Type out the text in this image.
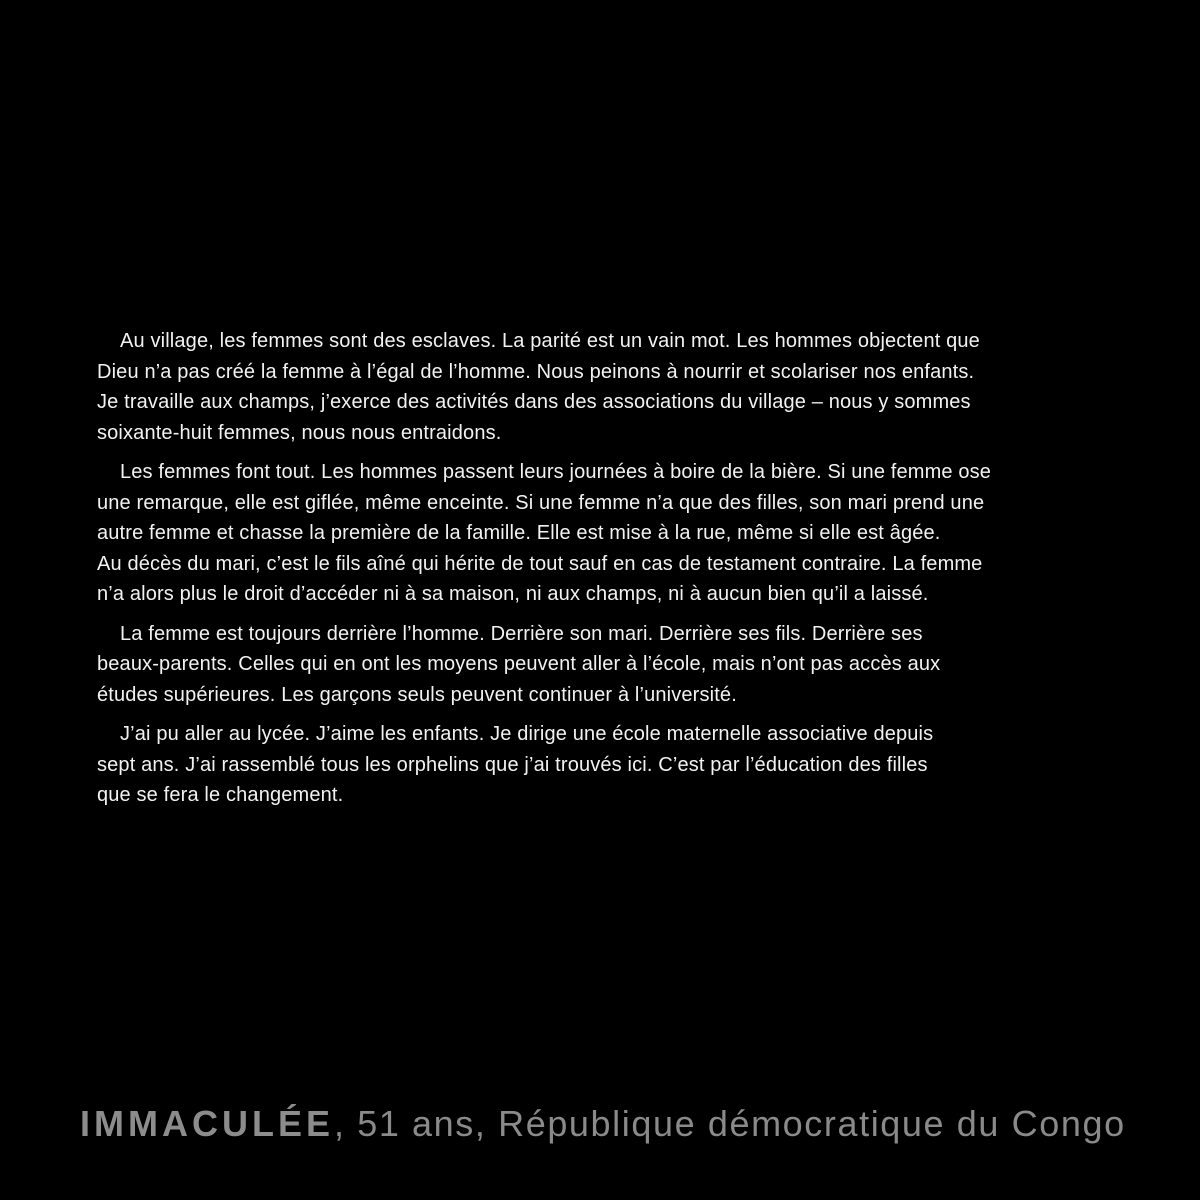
Au village, les femmes sont des esclaves. La parité est un vain mot. Les hommes objectent que
Dieu n’a pas créé la femme à l’égal de l’homme. Nous peinons à nourrir et scolariser nos enfants.
Je travaille aux champs, j’exerce des activités dans des associations du village – nous y sommes
soixante-huit femmes, nous nous entraidons.

Les femmes font tout. Les hommes passent leurs journées à boire de la bière. Si une femme ose
une remarque, elle est giflée, même enceinte. Si une femme n’a que des filles, son mari prend une
autre femme et chasse la première de la famille. Elle est mise à la rue, même si elle est âgée.
Au décès du mari, c’est le fils aîné qui hérite de tout sauf en cas de testament contraire. La femme
n’a alors plus le droit d’accéder ni à sa maison, ni aux champs, ni à aucun bien qu’il a laissé.

La femme est toujours derrière l’homme. Derrière son mari. Derrière ses fils. Derrière ses
beaux-parents. Celles qui en ont les moyens peuvent aller à l’école, mais n’ont pas accès aux
études supérieures. Les garçons seuls peuvent continuer à l’université.

J’ai pu aller au lycée. J’aime les enfants. Je dirige une école maternelle associative depuis
sept ans. J’ai rassemblé tous les orphelins que j’ai trouvés ici. C’est par l’éducation des filles
que se fera le changement.

IMMACULÉE, 51 ans, République démocratique du Congo
